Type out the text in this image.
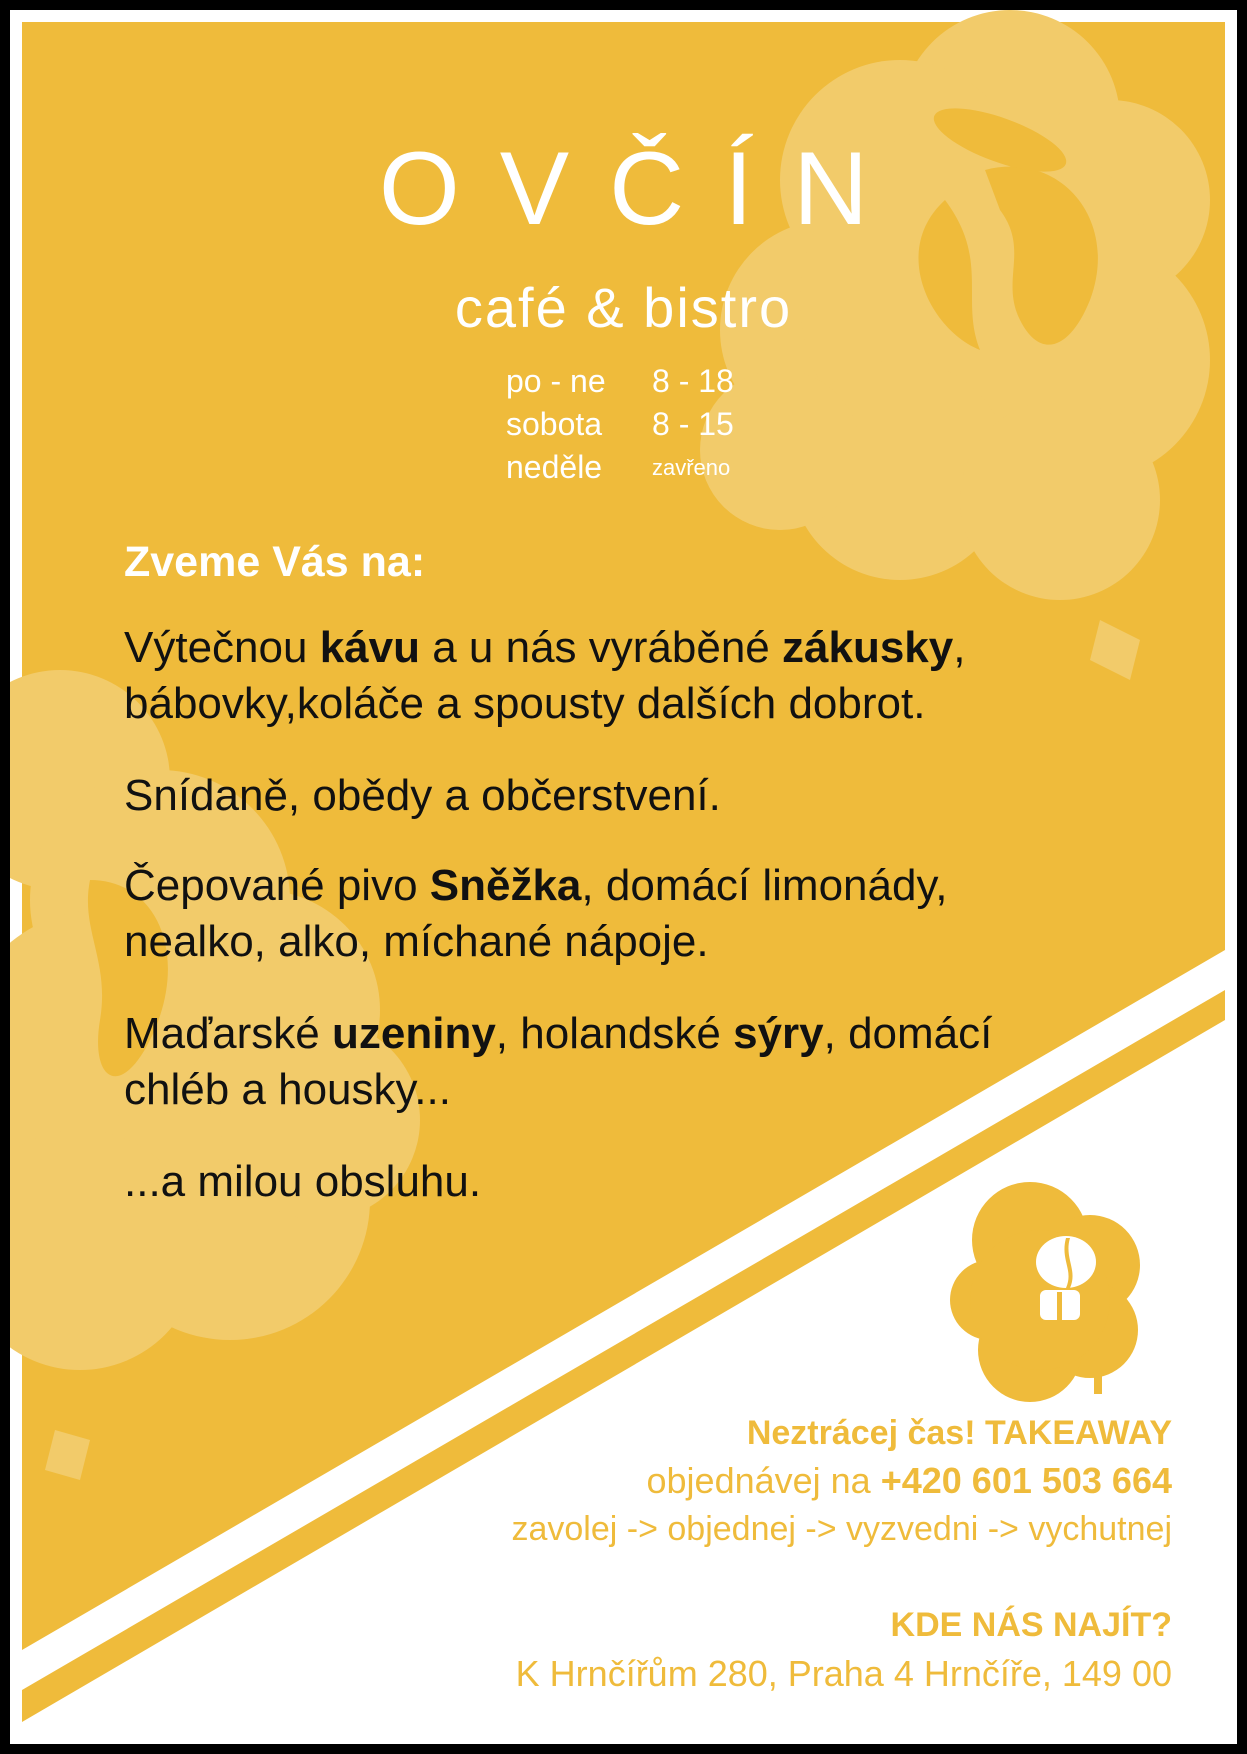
OVČÍN
café & bistro
po - ne	8 - 18
sobota	8 - 15
neděle	zavřeno
Zveme Vás na:
Výtečnou kávu a u nás vyráběné zákusky,
bábovky,koláče a spousty dalších dobrot.
Snídaně, obědy a občerstvení.
Čepované pivo Sněžka, domácí limonády,
nealko, alko, míchané nápoje.
Maďarské uzeniny, holandské sýry, domácí
chléb a housky...
...a milou obsluhu.
Neztrácej čas! TAKEAWAY
objednávej na +420 601 503 664
zavolej -> objednej -> vyzvedni -> vychutnej
KDE NÁS NAJÍT?
K Hrnčířům 280, Praha 4 Hrnčíře, 149 00
